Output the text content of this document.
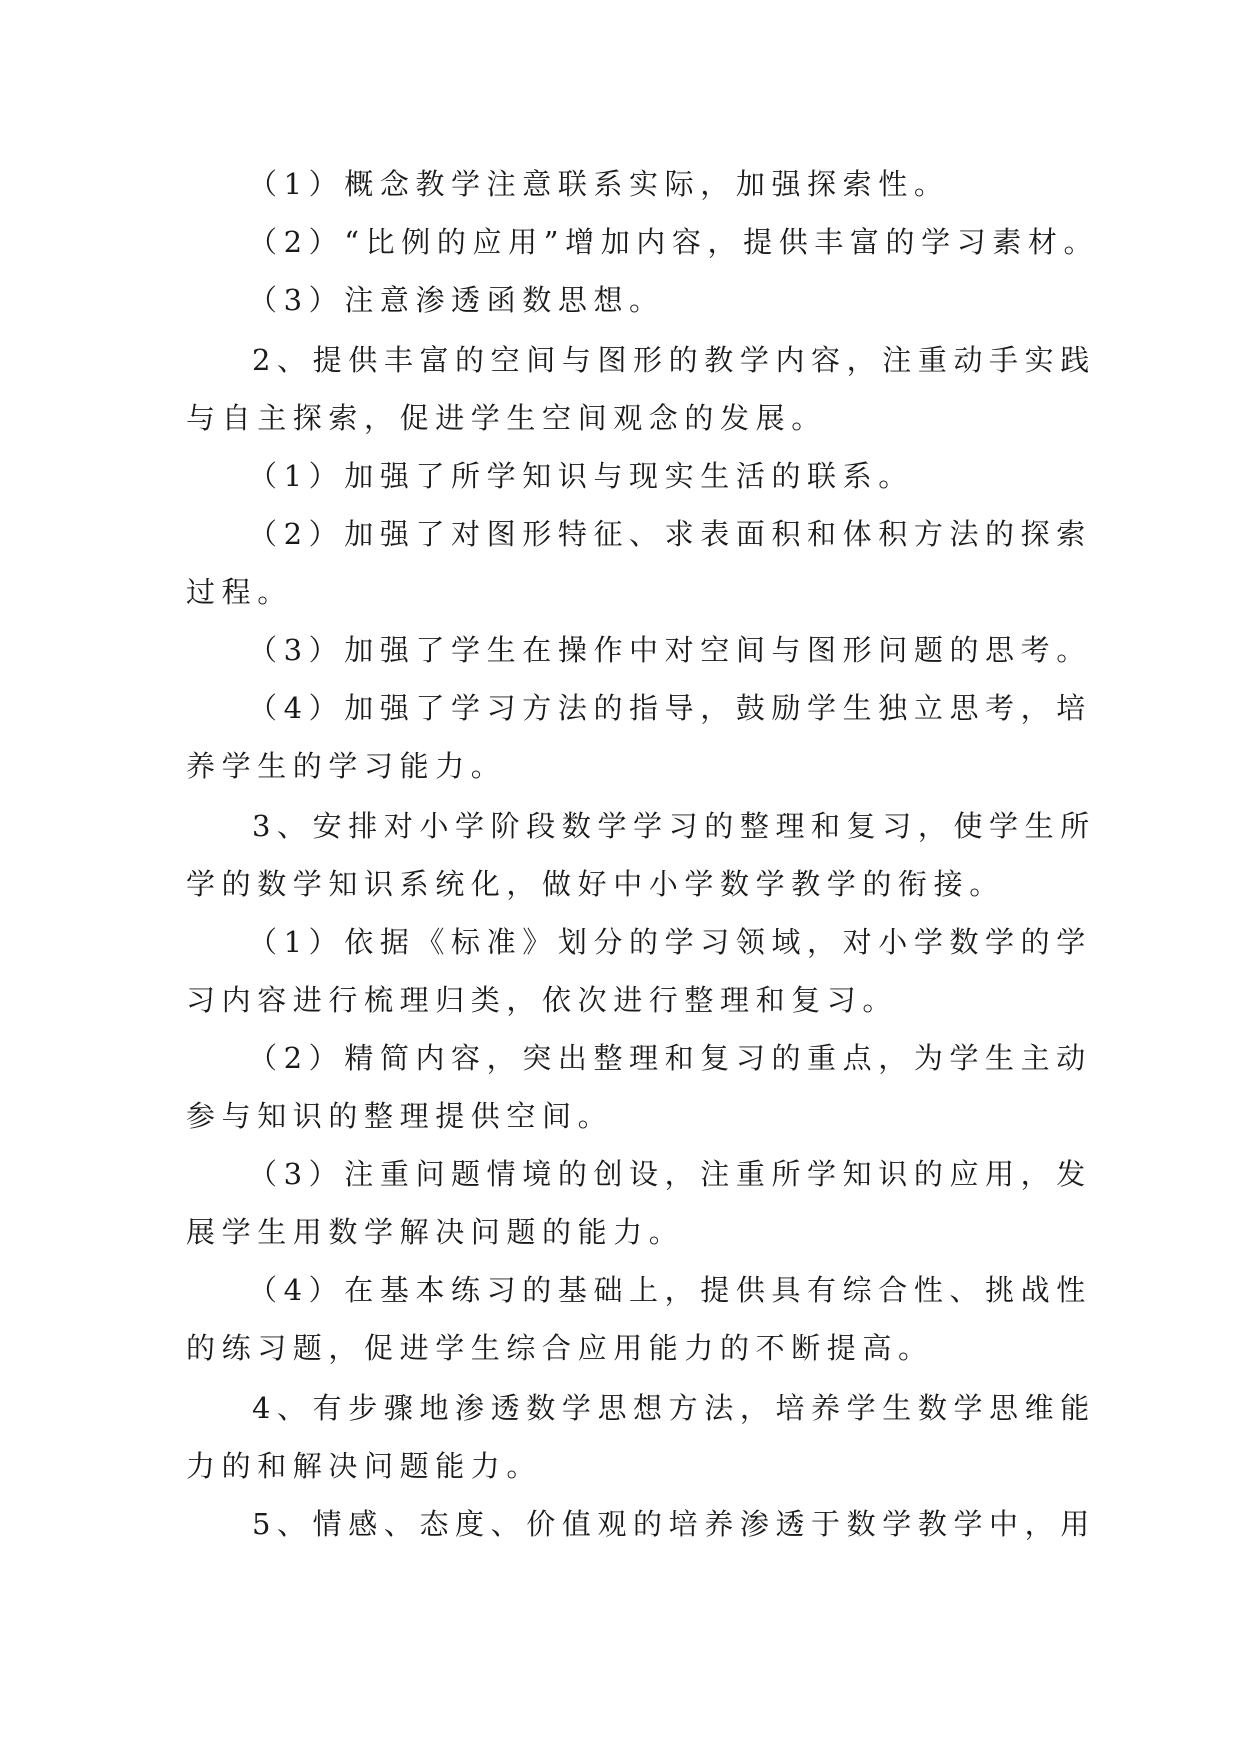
（1）概念教学注意联系实际，加强探索性。
（2）“比例的应用”增加内容，提供丰富的学习素材。
（3）注意渗透函数思想。
2、提供丰富的空间与图形的教学内容，注重动手实践
与自主探索，促进学生空间观念的发展。
（1）加强了所学知识与现实生活的联系。
（2）加强了对图形特征、求表面积和体积方法的探索
过程。
（3）加强了学生在操作中对空间与图形问题的思考。
（4）加强了学习方法的指导，鼓励学生独立思考，培
养学生的学习能力。
3、安排对小学阶段数学学习的整理和复习，使学生所
学的数学知识系统化，做好中小学数学教学的衔接。
（1）依据《标准》划分的学习领域，对小学数学的学
习内容进行梳理归类，依次进行整理和复习。
（2）精简内容，突出整理和复习的重点，为学生主动
参与知识的整理提供空间。
（3）注重问题情境的创设，注重所学知识的应用，发
展学生用数学解决问题的能力。
（4）在基本练习的基础上，提供具有综合性、挑战性
的练习题，促进学生综合应用能力的不断提高。
4、有步骤地渗透数学思想方法，培养学生数学思维能
力的和解决问题能力。
5、情感、态度、价值观的培养渗透于数学教学中，用
